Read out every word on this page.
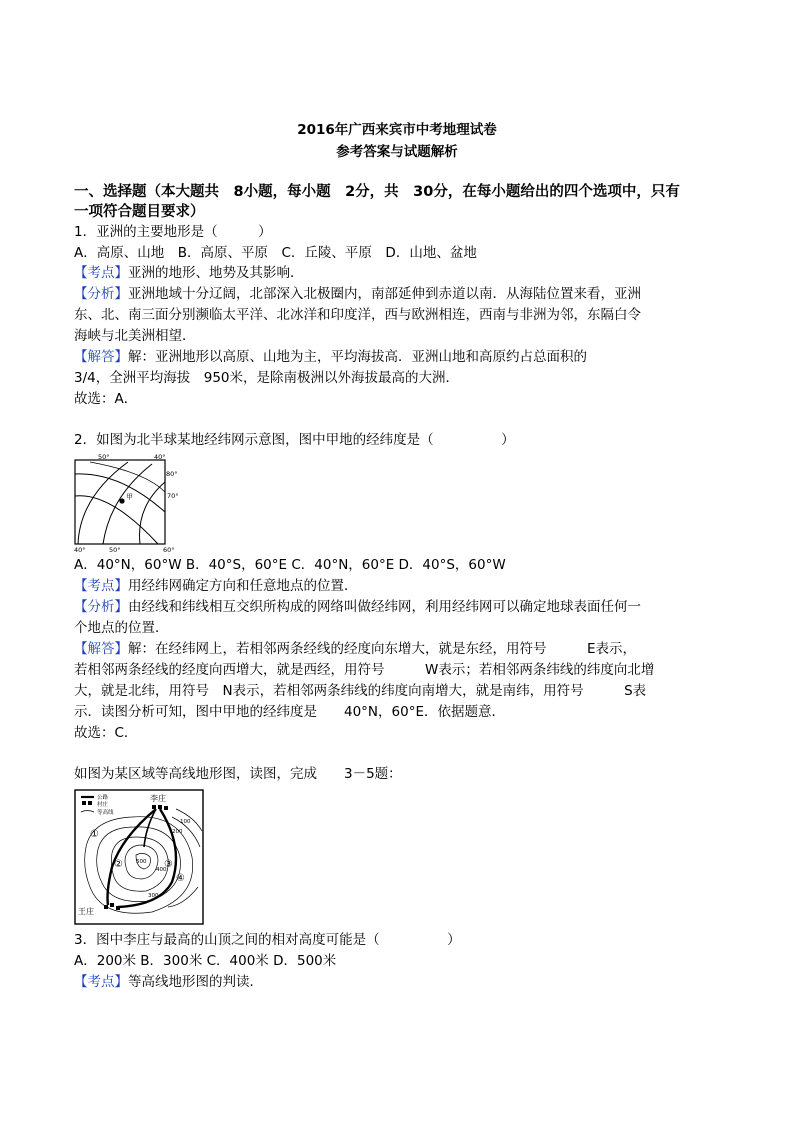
2016年广西来宾市中考地理试卷
参考答案与试题解析
一、选择题（本大题共　8小题，每小题　2分，共　30分，在每小题给出的四个选项中，只有
一项符合题目要求）
1．亚洲的主要地形是（　　　）
A．高原、山地　B．高原、平原　C．丘陵、平原　D．山地、盆地
【考点】亚洲的地形、地势及其影响．
【分析】亚洲地域十分辽阔，北部深入北极圈内，南部延伸到赤道以南．从海陆位置来看，亚洲
东、北、南三面分别濒临太平洋、北冰洋和印度洋，西与欧洲相连，西南与非洲为邻，东隔白令
海峡与北美洲相望．
【解答】解：亚洲地形以高原、山地为主，平均海拔高．亚洲山地和高原约占总面积的
3/4，全洲平均海拔　950米，是除南极洲以外海拔最高的大洲．
故选：A．
2．如图为北半球某地经纬网示意图，图中甲地的经纬度是（　　　　　）
50°	40°
80°
甲	70°
40°	50°	60°
A．40°N，60°W B．40°S，60°E C．40°N，60°E D．40°S，60°W
【考点】用经纬网确定方向和任意地点的位置．
【分析】由经线和纬线相互交织所构成的网络叫做经纬网，利用经纬网可以确定地球表面任何一
个地点的位置．
【解答】解：在经纬网上，若相邻两条经线的经度向东增大，就是东经，用符号　　　E表示，
若相邻两条经线的经度向西增大，就是西经，用符号　　　W表示；若相邻两条纬线的纬度向北增
大，就是北纬，用符号　N表示，若相邻两条纬线的纬度向南增大，就是南纬，用符号　　　S表
示．读图分析可知，图中甲地的经纬度是　　40°N，60°E．依据题意．
故选：C．
如图为某区域等高线地形图，读图，完成　　3－5题：
公路
村庄
等高线
李庄
王庄
100
200
300
400
500
①
②	③
④
3．图中李庄与最高的山顶之间的相对高度可能是（　　　　　）
A．200米 B．300米 C．400米 D．500米
【考点】等高线地形图的判读．
